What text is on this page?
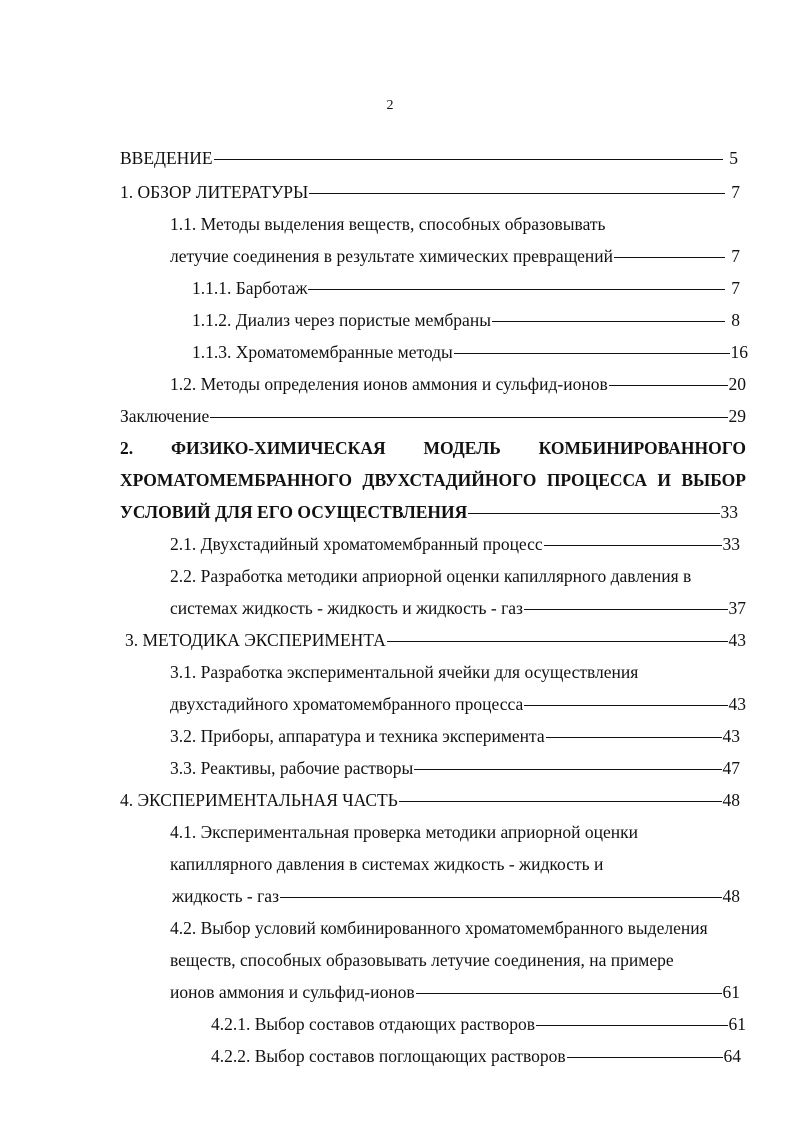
2
ВВЕДЕНИЕ	5
1. ОБЗОР ЛИТЕРАТУРЫ	7
1.1. Методы выделения веществ, способных образовывать
летучие соединения в результате химических превращений	7
1.1.1. Барботаж	7
1.1.2. Диализ через пористые мембраны	8
1.1.3. Хроматомембранные методы	16
1.2. Методы определения ионов аммония и сульфид-ионов	20
Заключение	29
2. ФИЗИКО-ХИМИЧЕСКАЯ МОДЕЛЬ КОМБИНИРОВАННОГО
ХРОМАТОМЕМБРАННОГО ДВУХСТАДИЙНОГО ПРОЦЕССА И ВЫБОР
УСЛОВИЙ ДЛЯ ЕГО ОСУЩЕСТВЛЕНИЯ	33
2.1. Двухстадийный хроматомембранный процесс	33
2.2. Разработка методики априорной оценки капиллярного давления в
системах жидкость - жидкость и жидкость - газ	37
3. МЕТОДИКА ЭКСПЕРИМЕНТА	43
3.1. Разработка экспериментальной ячейки для осуществления
двухстадийного хроматомембранного процесса	43
3.2. Приборы, аппаратура и техника эксперимента	43
3.3. Реактивы, рабочие растворы	47
4. ЭКСПЕРИМЕНТАЛЬНАЯ ЧАСТЬ	48
4.1. Экспериментальная проверка методики априорной оценки
капиллярного давления в системах жидкость - жидкость и
жидкость - газ	48
4.2. Выбор условий комбинированного хроматомембранного выделения
веществ, способных образовывать летучие соединения, на примере
ионов аммония и сульфид-ионов	61
4.2.1. Выбор составов отдающих растворов	61
4.2.2. Выбор составов поглощающих растворов	64
